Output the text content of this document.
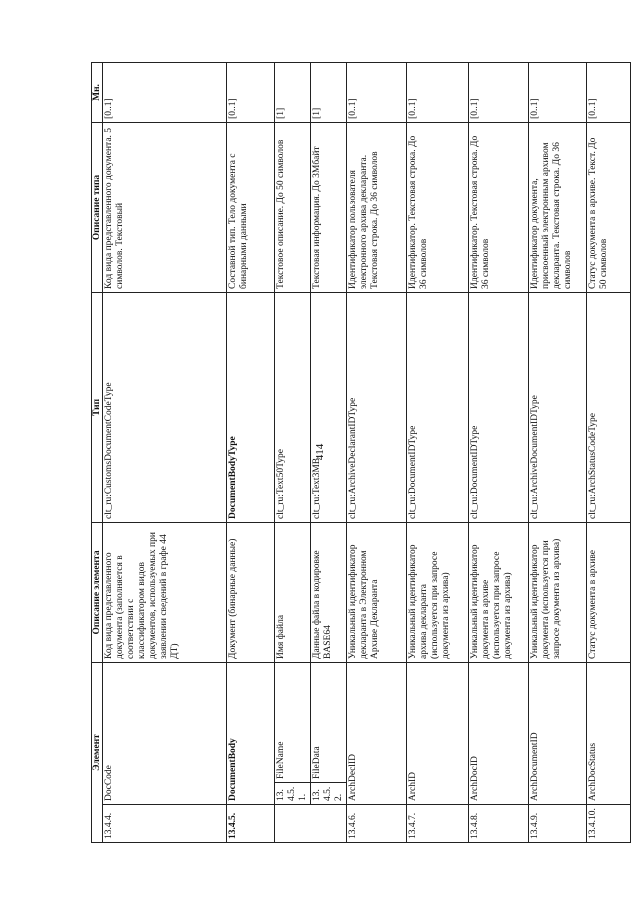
414
Элемент			Описание элемента	Тип	Описание типа	Мн.
13.4.4.	DocCode		Код вида представленного документа (заполняется в соответствии с классификатором видов документов, используемых при заявлении сведений в графе 44 ДТ)	clt_ru:CustomsDocumentCodeType	Код вида представленного документа. 5 символов. Текстовый	[0..1]
13.4.5.	DocumentBody		Документ (бинарные данные)	DocumentBodyType	Составной тип. Тело документа с бинарными данными	[0..1]
	13.4.5.1.	FileName	Имя файла	clt_ru:Text50Type	Текстовое описание. До 50 символов	[1]
	13.4.5.2.	FileData	Данные файла в кодировке BASE64	clt_ru:Text3MB	Текстовая информация. До 3Мбайт	[1]
13.4.6.	ArchDeclID		Уникальный идентификатор декларанта в Электронном Архиве Декларанта	clt_ru:ArchiveDeclarantIDType	Идентификатор пользователя электронного архива декларанта. Текстовая строка. До 36 символов	[0..1]
13.4.7.	ArchID		Уникальный идентификатор архива декларанта (используется при запросе документа из архива)	clt_ru:DocumentIDType	Идентификатор. Текстовая строка. До 36 символов	[0..1]
13.4.8.	ArchDocID		Уникальный идентификатор документа в архиве (используется при запросе документа из архива)	clt_ru:DocumentIDType	Идентификатор. Текстовая строка. До 36 символов	[0..1]
13.4.9.	ArchDocumentID		Уникальный идентификатор документа (используется при запросе документа из архива)	clt_ru:ArchiveDocumentIDType	Идентификатор документа, присвоенный электронным архивом декларанта. Текстовая строка. До 36 символов	[0..1]
13.4.10.	ArchDocStatus		Статус документа в архиве	clt_ru:ArchStatusCodeType	Статус документа в архиве. Текст. До 50 символов	[0..1]
